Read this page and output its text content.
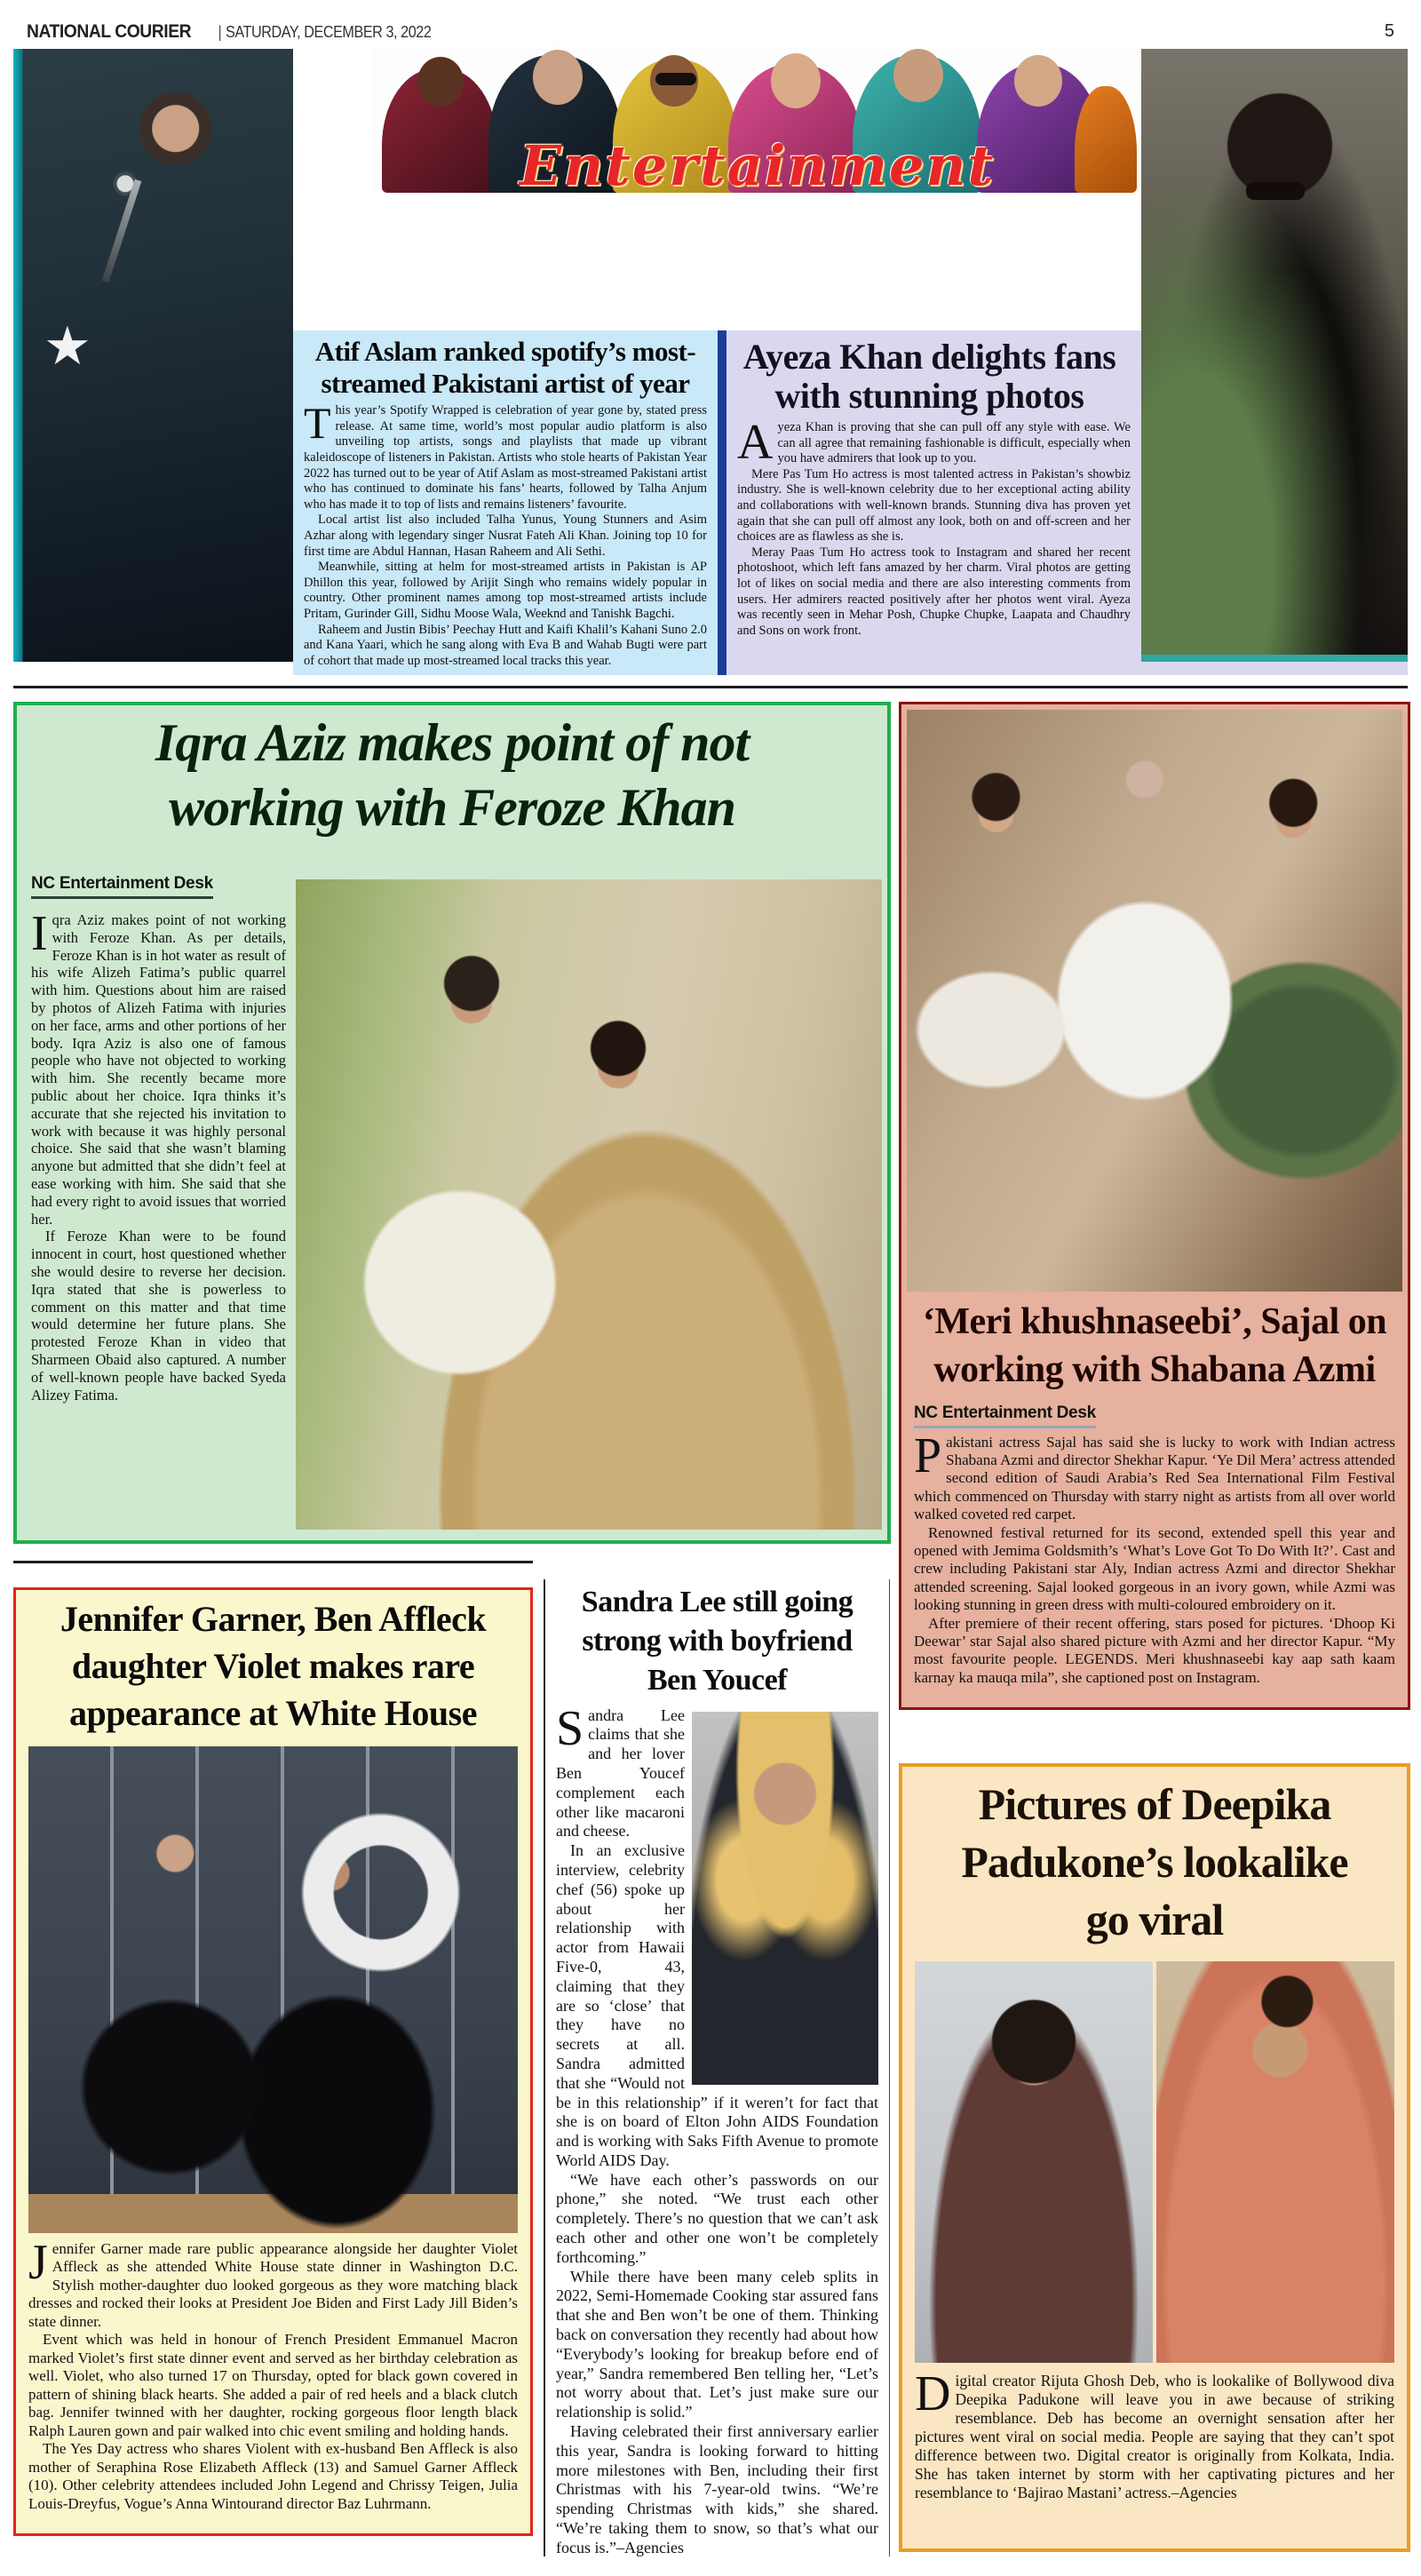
NATIONAL COURIER | SATURDAY, DECEMBER 3, 2022	5
★
Entertainment
Atif Aslam ranked spotify’s most-streamed Pakistani artist of year

This year’s Spotify Wrapped is celebration of year gone by, stated press release. At same time, world’s most popular audio platform is also unveiling top artists, songs and playlists that made up vibrant kaleidoscope of listeners in Pakistan. Artists who stole hearts of Pakistan Year 2022 has turned out to be year of Atif Aslam as most-streamed Pakistani artist who has continued to dominate his fans’ hearts, followed by Talha Anjum who has made it to top of lists and remains listeners’ favourite.

Local artist list also included Talha Yunus, Young Stunners and Asim Azhar along with legendary singer Nusrat Fateh Ali Khan. Joining top 10 for first time are Abdul Hannan, Hasan Raheem and Ali Sethi.

Meanwhile, sitting at helm for most-streamed artists in Pakistan is AP Dhillon this year, followed by Arijit Singh who remains widely popular in country. Other prominent names among top most-streamed artists include Pritam, Gurinder Gill, Sidhu Moose Wala, Weeknd and Tanishk Bagchi.

Raheem and Justin Bibis’ Peechay Hutt and Kaifi Khalil’s Kahani Suno 2.0 and Kana Yaari, which he sang along with Eva B and Wahab Bugti were part of cohort that made up most-streamed local tracks this year.

Ayeza Khan delights fans with stunning photos

Ayeza Khan is proving that she can pull off any style with ease. We can all agree that remaining fashionable is difficult, especially when you have admirers that look up to you.

Mere Pas Tum Ho actress is most talented actress in Pakistan’s showbiz industry. She is well-known celebrity due to her exceptional acting ability and collaborations with well-known brands. Stunning diva has proven yet again that she can pull off almost any look, both on and off-screen and her choices are as flawless as she is.

Meray Paas Tum Ho actress took to Instagram and shared her recent photoshoot, which left fans amazed by her charm. Viral photos are getting lot of likes on social media and there are also interesting comments from users. Her admirers reacted positively after her photos went viral. Ayeza was recently seen in Mehar Posh, Chupke Chupke, Laapata and Chaudhry and Sons on work front.

Iqra Aziz makes point of not working with Feroze Khan
NC Entertainment Desk

Iqra Aziz makes point of not working with Feroze Khan. As per details, Feroze Khan is in hot water as result of his wife Alizeh Fatima’s public quarrel with him. Questions about him are raised by photos of Alizeh Fatima with injuries on her face, arms and other portions of her body. Iqra Aziz is also one of famous people who have not objected to working with him. She recently became more public about her choice. Iqra thinks it’s accurate that she rejected his invitation to work with because it was highly personal choice. She said that she wasn’t blaming anyone but admitted that she didn’t feel at ease working with him. She said that she had every right to avoid issues that worried her.

If Feroze Khan were to be found innocent in court, host questioned whether she would desire to reverse her decision. Iqra stated that she is powerless to comment on this matter and that time would determine her future plans. She protested Feroze Khan in video that Sharmeen Obaid also captured. A number of well-known people have backed Syeda Alizey Fatima.

‘Meri khushnaseebi’, Sajal on working with Shabana Azmi
NC Entertainment Desk

Pakistani actress Sajal has said she is lucky to work with Indian actress Shabana Azmi and director Shekhar Kapur. ‘Ye Dil Mera’ actress attended second edition of Saudi Arabia’s Red Sea International Film Festival which commenced on Thursday with starry night as artists from all over world walked coveted red carpet.

Renowned festival returned for its second, extended spell this year and opened with Jemima Goldsmith’s ‘What’s Love Got To Do With It?’. Cast and crew including Pakistani star Aly, Indian actress Azmi and director Shekhar attended screening. Sajal looked gorgeous in an ivory gown, while Azmi was looking stunning in green dress with multi-coloured embroidery on it.

After premiere of their recent offering, stars posed for pictures. ‘Dhoop Ki Deewar’ star Sajal also shared picture with Azmi and her director Kapur. “My most favourite people. LEGENDS. Meri khushnaseebi kay aap sath kaam karnay ka mauqa mila”, she captioned post on Instagram.

Jennifer Garner, Ben Affleck daughter Violet makes rare appearance at White House

Jennifer Garner made rare public appearance alongside her daughter Violet Affleck as she attended White House state dinner in Washington D.C. Stylish mother-daughter duo looked gorgeous as they wore matching black dresses and rocked their looks at President Joe Biden and First Lady Jill Biden’s state dinner.

Event which was held in honour of French President Emmanuel Macron marked Violet’s first state dinner event and served as her birthday celebration as well. Violet, who also turned 17 on Thursday, opted for black gown covered in pattern of shining black hearts. She added a pair of red heels and a black clutch bag. Jennifer twinned with her daughter, rocking gorgeous floor length black Ralph Lauren gown and pair walked into chic event smiling and holding hands.

The Yes Day actress who shares Violent with ex-husband Ben Affleck is also mother of Seraphina Rose Elizabeth Affleck (13) and Samuel Garner Affleck (10). Other celebrity attendees included John Legend and Chrissy Teigen, Julia Louis-Dreyfus, Vogue’s Anna Wintourand director Baz Luhrmann.

Sandra Lee still going strong with boyfriend Ben Youcef

Sandra Lee claims that she and her lover Ben Youcef complement each other like macaroni and cheese.

In an exclusive interview, celebrity chef (56) spoke up about her relationship with actor from Hawaii Five-0, 43, claiming that they are so ‘close’ that they have no secrets at all. Sandra admitted that she “Would not be in this relationship” if it weren’t for fact that she is on board of Elton John AIDS Foundation and is working with Saks Fifth Avenue to promote World AIDS Day.

“We have each other’s passwords on our phone,” she noted. “We trust each other completely. There’s no question that we can’t ask each other and other one won’t be completely forthcoming.”

While there have been many celeb splits in 2022, Semi-Homemade Cooking star assured fans that she and Ben won’t be one of them. Thinking back on conversation they recently had about how “Everybody’s looking for breakup before end of year,” Sandra remembered Ben telling her, “Let’s not worry about that. Let’s just make sure our relationship is solid.”

Having celebrated their first anniversary earlier this year, Sandra is looking forward to hitting more milestones with Ben, including their first Christmas with his 7-year-old twins. “We’re spending Christmas with kids,” she shared. “We’re taking them to snow, so that’s what our focus is.”–Agencies

Pictures of Deepika Padukone’s lookalike go viral

Digital creator Rijuta Ghosh Deb, who is lookalike of Bollywood diva Deepika Padukone will leave you in awe because of striking resemblance. Deb has become an overnight sensation after her pictures went viral on social media. People are saying that they can’t spot difference between two. Digital creator is originally from Kolkata, India. She has taken internet by storm with her captivating pictures and her resemblance to ‘Bajirao Mastani’ actress.–Agencies
